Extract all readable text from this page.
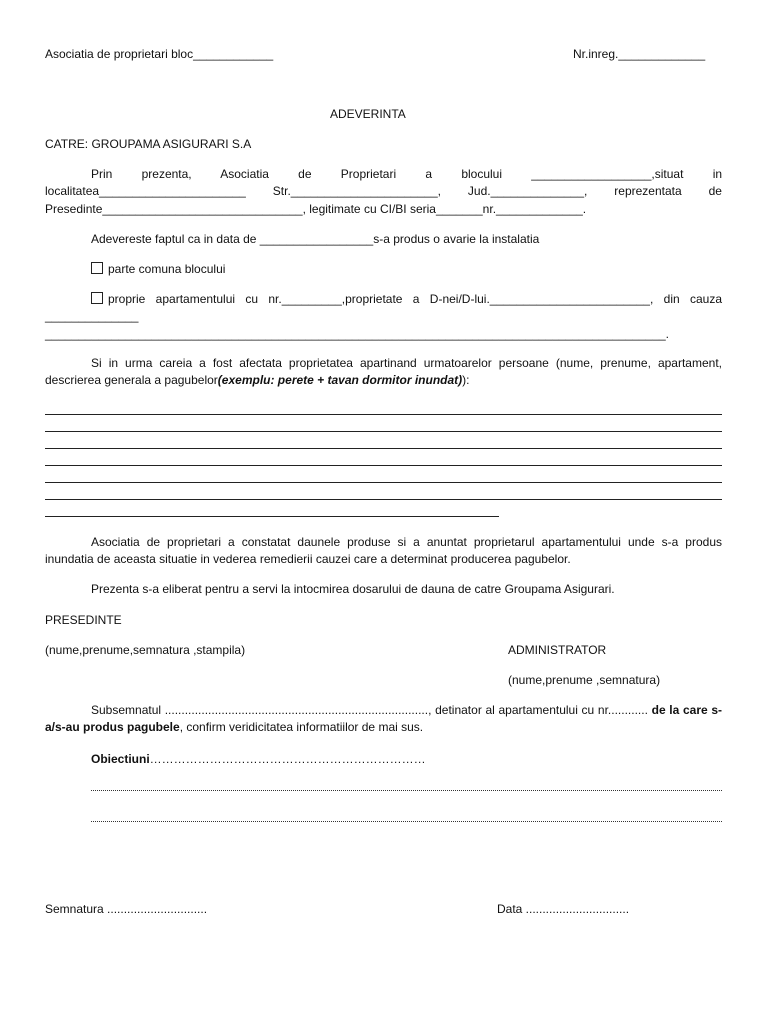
Asociatia de proprietari bloc____________	Nr.inreg._____________
ADEVERINTA
CATRE: GROUPAMA ASIGURARI S.A
Prin prezenta, Asociatia de Proprietari a blocului __________________,situat in
localitatea______________________ Str.______________________, Jud.______________, reprezentata de
Presedinte______________________________, legitimate cu CI/BI seria_______nr._____________.
Adevereste faptul ca in data de _________________s-a produs o avarie la instalatia
parte comuna blocului
proprie apartamentului cu nr._________,proprietate a D-nei/D-lui.________________________, din cauza
______________
_____________________________________________________________________________________________.
Si in urma careia a fost afectata proprietatea apartinand urmatoarelor persoane (nume, prenume, apartament, descrierea generala a pagubelor(exemplu: perete + tavan dormitor inundat)):
Asociatia de proprietari a constatat daunele produse si a anuntat proprietarul apartamentului unde s-a produs inundatia de aceasta situatie in vederea remedierii cauzei care a determinat producerea pagubelor.
Prezenta s-a eliberat pentru a servi la intocmirea dosarului de dauna de catre Groupama Asigurari.
PRESEDINTE
(nume,prenume,semnatura ,stampila)	ADMINISTRATOR
(nume,prenume ,semnatura)
Subsemnatul ..............................................................................., detinator al apartamentului cu nr............ de la care s-a/s-au produs pagubele, confirm veridicitatea informatiilor de mai sus.
Obiectiuni……………………………………………………………
Semnatura ..............................	Data ...............................
